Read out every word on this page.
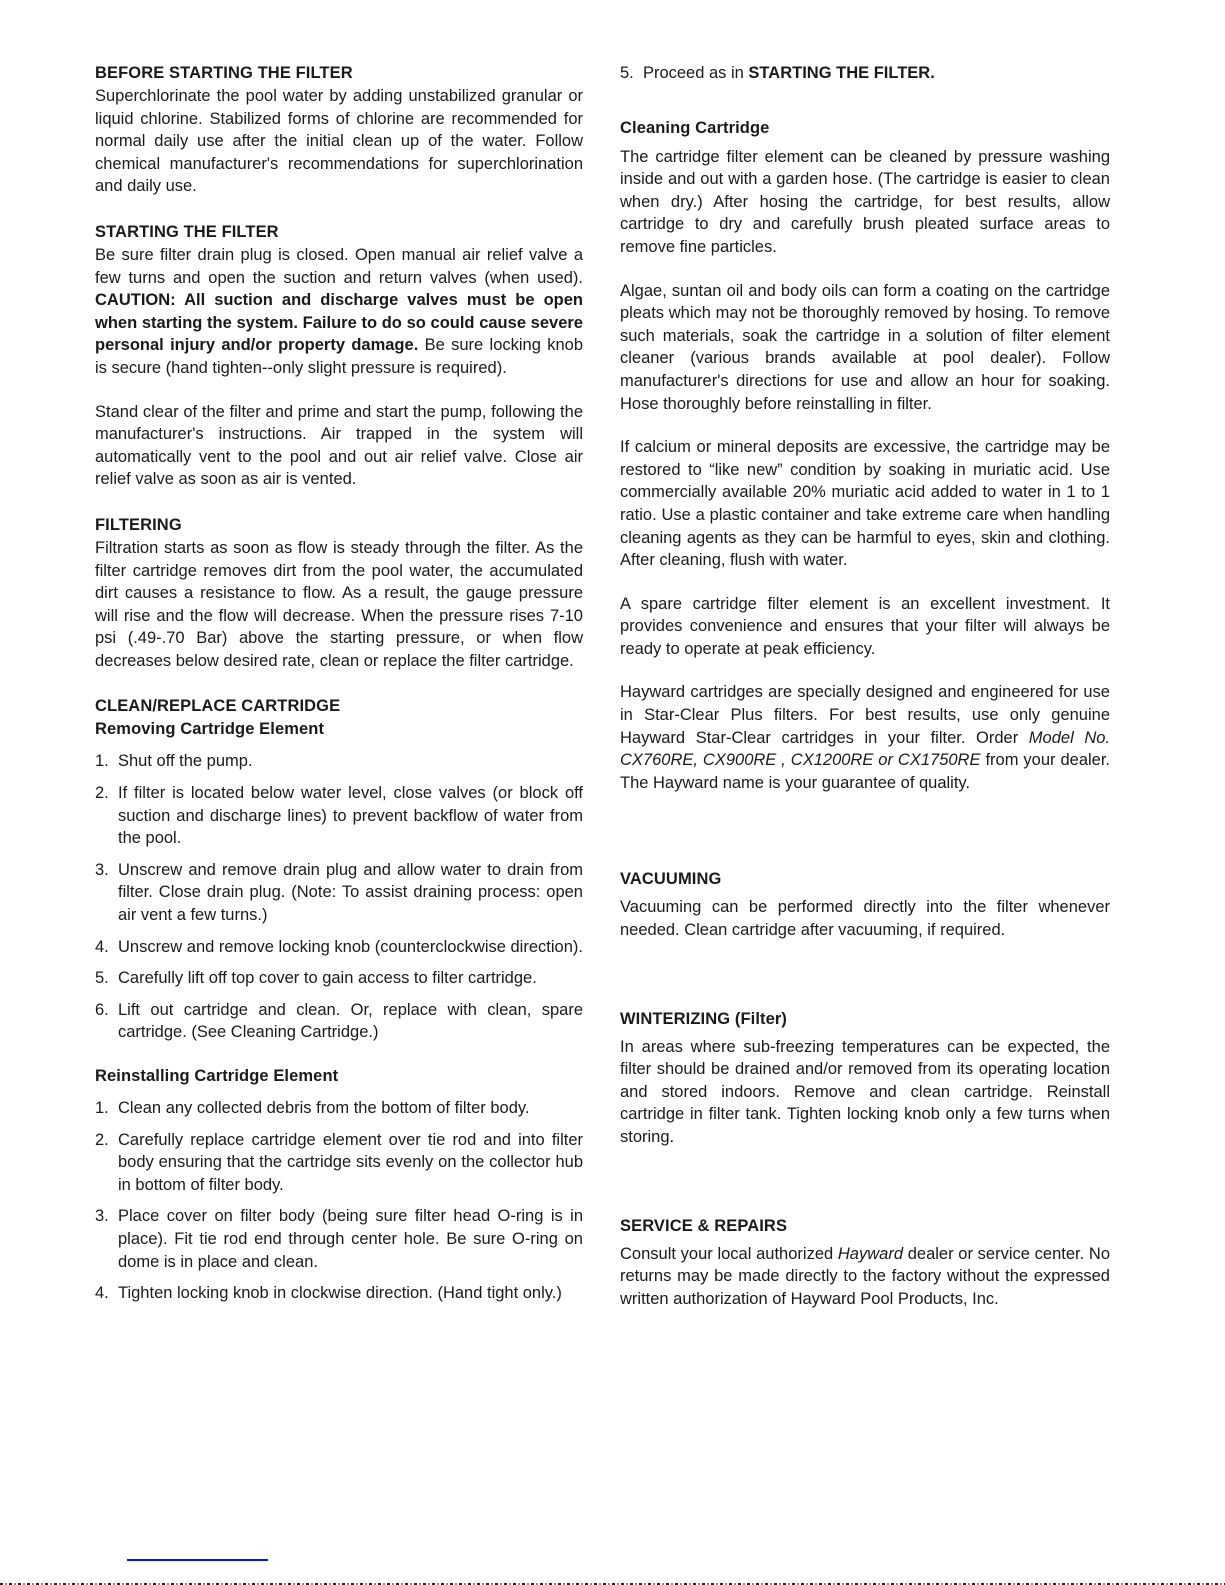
BEFORE STARTING THE FILTER

Superchlorinate the pool water by adding unstabilized granular or liquid chlorine. Stabilized forms of chlorine are recommended for normal daily use after the initial clean up of the water. Follow chemical manufacturer's recommendations for superchlorination and daily use.

STARTING THE FILTER

Be sure filter drain plug is closed. Open manual air relief valve a few turns and open the suction and return valves (when used). CAUTION: All suction and discharge valves must be open when starting the system. Failure to do so could cause severe personal injury and/or property damage. Be sure locking knob is secure (hand tighten--only slight pressure is required).

Stand clear of the filter and prime and start the pump, following the manufacturer's instructions. Air trapped in the system will automatically vent to the pool and out air relief valve. Close air relief valve as soon as air is vented.

FILTERING

Filtration starts as soon as flow is steady through the filter. As the filter cartridge removes dirt from the pool water, the accumulated dirt causes a resistance to flow. As a result, the gauge pressure will rise and the flow will decrease. When the pressure rises 7-10 psi (.49-.70 Bar) above the starting pressure, or when flow decreases below desired rate, clean or replace the filter cartridge.

CLEAN/REPLACE CARTRIDGE
Removing Cartridge Element
1. Shut off the pump.
2. If filter is located below water level, close valves (or block off suction and discharge lines) to prevent backflow of water from the pool.
3. Unscrew and remove drain plug and allow water to drain from filter. Close drain plug. (Note: To assist draining process: open air vent a few turns.)
4. Unscrew and remove locking knob (counterclockwise direction).
5. Carefully lift off top cover to gain access to filter cartridge.
6. Lift out cartridge and clean. Or, replace with clean, spare cartridge. (See Cleaning Cartridge.)
Reinstalling Cartridge Element
1. Clean any collected debris from the bottom of filter body.
2. Carefully replace cartridge element over tie rod and into filter body ensuring that the cartridge sits evenly on the collector hub in bottom of filter body.
3. Place cover on filter body (being sure filter head O-ring is in place). Fit tie rod end through center hole. Be sure O-ring on dome is in place and clean.
4. Tighten locking knob in clockwise direction. (Hand tight only.)

5. Proceed as in STARTING THE FILTER.

Cleaning Cartridge

The cartridge filter element can be cleaned by pressure washing inside and out with a garden hose. (The cartridge is easier to clean when dry.) After hosing the cartridge, for best results, allow cartridge to dry and carefully brush pleated surface areas to remove fine particles.

Algae, suntan oil and body oils can form a coating on the cartridge pleats which may not be thoroughly removed by hosing. To remove such materials, soak the cartridge in a solution of filter element cleaner (various brands available at pool dealer). Follow manufacturer's directions for use and allow an hour for soaking. Hose thoroughly before reinstalling in filter.

If calcium or mineral deposits are excessive, the cartridge may be restored to “like new” condition by soaking in muriatic acid. Use commercially available 20% muriatic acid added to water in 1 to 1 ratio. Use a plastic container and take extreme care when handling cleaning agents as they can be harmful to eyes, skin and clothing. After cleaning, flush with water.

A spare cartridge filter element is an excellent investment. It provides convenience and ensures that your filter will always be ready to operate at peak efficiency.

Hayward cartridges are specially designed and engineered for use in Star-Clear Plus filters. For best results, use only genuine Hayward Star-Clear cartridges in your filter. Order Model No. CX760RE, CX900RE , CX1200RE or CX1750RE from your dealer. The Hayward name is your guarantee of quality.

VACUUMING

Vacuuming can be performed directly into the filter whenever needed. Clean cartridge after vacuuming, if required.

WINTERIZING (Filter)

In areas where sub-freezing temperatures can be expected, the filter should be drained and/or removed from its operating location and stored indoors. Remove and clean cartridge. Reinstall cartridge in filter tank. Tighten locking knob only a few turns when storing.

SERVICE & REPAIRS

Consult your local authorized Hayward dealer or service center. No returns may be made directly to the factory without the expressed written authorization of Hayward Pool Products, Inc.
